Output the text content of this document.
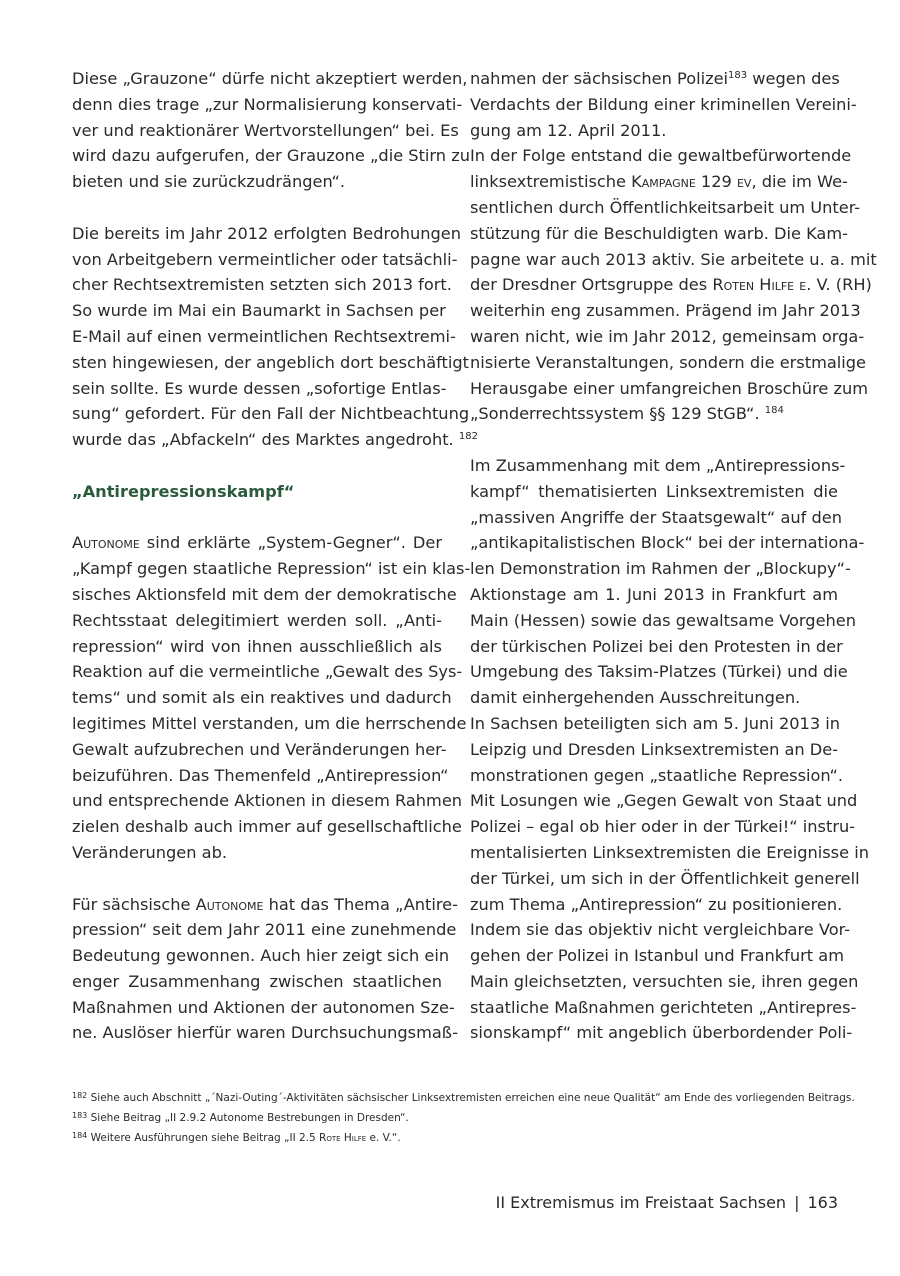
Diese „Grauzone“ dürfe nicht akzeptiert werden,
denn dies trage „zur Normalisierung konservati-
ver und reaktionärer Wertvorstellungen“ bei. Es
wird dazu aufgerufen, der Grauzone „die Stirn zu
bieten und sie zurückzudrängen“.
Die bereits im Jahr 2012 erfolgten Bedrohungen
von Arbeitgebern vermeintlicher oder tatsächli-
cher Rechtsextremisten setzten sich 2013 fort.
So wurde im Mai ein Baumarkt in Sachsen per
E-Mail auf einen vermeintlichen Rechtsextremi-
sten hingewiesen, der angeblich dort beschäftigt
sein sollte. Es wurde dessen „sofortige Entlas-
sung“ gefordert. Für den Fall der Nichtbeachtung
wurde das „Abfackeln“ des Marktes angedroht. $^{182}$
„Antirepressionskampf“
Autonome sind erklärte „System-Gegner“. Der
„Kampf gegen staatliche Repression“ ist ein klas-
sisches Aktionsfeld mit dem der demokratische
Rechtsstaat delegitimiert werden soll. „Anti-
repression“ wird von ihnen ausschließlich als
Reaktion auf die vermeintliche „Gewalt des Sys-
tems“ und somit als ein reaktives und dadurch
legitimes Mittel verstanden, um die herrschende
Gewalt aufzubrechen und Veränderungen her-
beizuführen. Das Themenfeld „Antirepression“
und entsprechende Aktionen in diesem Rahmen
zielen deshalb auch immer auf gesellschaftliche
Veränderungen ab.
Für sächsische Autonome hat das Thema „Antire-
pression“ seit dem Jahr 2011 eine zunehmende
Bedeutung gewonnen. Auch hier zeigt sich ein
enger Zusammenhang zwischen staatlichen
Maßnahmen und Aktionen der autonomen Sze-
ne. Auslöser hierfür waren Durchsuchungsmaß-
nahmen der sächsischen Polizei$^{183}$ wegen des
Verdachts der Bildung einer kriminellen Vereini-
gung am 12. April 2011.
In der Folge entstand die gewaltbefürwortende
linksextremistische Kampagne 129 ev, die im We-
sentlichen durch Öffentlichkeitsarbeit um Unter-
stützung für die Beschuldigten warb. Die Kam-
pagne war auch 2013 aktiv. Sie arbeitete u. a. mit
der Dresdner Ortsgruppe des Roten Hilfe e. V. (RH)
weiterhin eng zusammen. Prägend im Jahr 2013
waren nicht, wie im Jahr 2012, gemeinsam orga-
nisierte Veranstaltungen, sondern die erstmalige
Herausgabe einer umfangreichen Broschüre zum
„Sonderrechtssystem §§ 129 StGB“. $^{184}$
Im Zusammenhang mit dem „Antirepressions-
kampf“ thematisierten Linksextremisten die
„massiven Angriffe der Staatsgewalt“ auf den
„antikapitalistischen Block“ bei der internationa-
len Demonstration im Rahmen der „Blockupy“-
Aktionstage am 1. Juni 2013 in Frankfurt am
Main (Hessen) sowie das gewaltsame Vorgehen
der türkischen Polizei bei den Protesten in der
Umgebung des Taksim-Platzes (Türkei) und die
damit einhergehenden Ausschreitungen.
In Sachsen beteiligten sich am 5. Juni 2013 in
Leipzig und Dresden Linksextremisten an De-
monstrationen gegen „staatliche Repression“.
Mit Losungen wie „Gegen Gewalt von Staat und
Polizei – egal ob hier oder in der Türkei!“ instru-
mentalisierten Linksextremisten die Ereignisse in
der Türkei, um sich in der Öffentlichkeit generell
zum Thema „Antirepression“ zu positionieren.
Indem sie das objektiv nicht vergleichbare Vor-
gehen der Polizei in Istanbul und Frankfurt am
Main gleichsetzten, versuchten sie, ihren gegen
staatliche Maßnahmen gerichteten „Antirepres-
sionskampf“ mit angeblich überbordender Poli-
$^{182}$ Siehe auch Abschnitt „´Nazi-Outing´-Aktivitäten sächsischer Linksextremisten erreichen eine neue Qualität“ am Ende des vorliegenden Beitrags.
$^{183}$ Siehe Beitrag „II 2.9.2 Autonome Bestrebungen in Dresden“.
$^{184}$ Weitere Ausführungen siehe Beitrag „II 2.5 Rote Hilfe e. V.“.
II Extremismus im Freistaat Sachsen | 163
